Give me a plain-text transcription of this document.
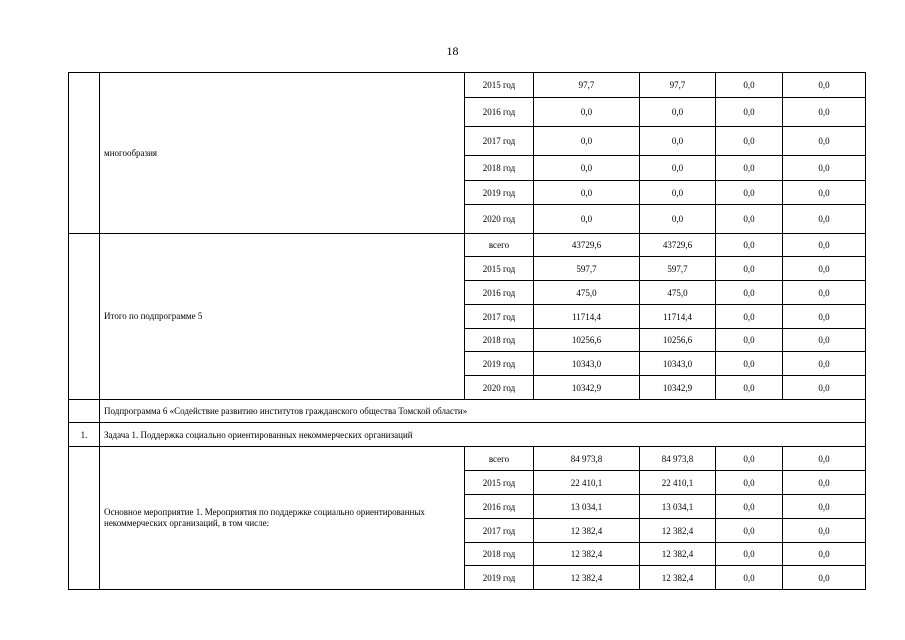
18
	многообразия	2015 год	97,7	97,7	0,0	0,0
		2016 год	0,0	0,0	0,0	0,0
		2017 год	0,0	0,0	0,0	0,0
		2018 год	0,0	0,0	0,0	0,0
		2019 год	0,0	0,0	0,0	0,0
		2020 год	0,0	0,0	0,0	0,0
	Итого по подпрограмме 5	всего	43729,6	43729,6	0,0	0,0
		2015 год	597,7	597,7	0,0	0,0
		2016 год	475,0	475,0	0,0	0,0
		2017 год	11714,4	11714,4	0,0	0,0
		2018 год	10256,6	10256,6	0,0	0,0
		2019 год	10343,0	10343,0	0,0	0,0
		2020 год	10342,9	10342,9	0,0	0,0
	Подпрограмма 6 «Содействие развитию институтов гражданского общества Томской области»					
1.	Задача 1. Поддержка социально ориентированных некоммерческих организаций					
	Основное мероприятие 1. Мероприятия по поддержке социально ориентированных некоммерческих организаций, в том числе:	всего	84 973,8	84 973,8	0,0	0,0
		2015 год	22 410,1	22 410,1	0,0	0,0
		2016 год	13 034,1	13 034,1	0,0	0,0
		2017 год	12 382,4	12 382,4	0,0	0,0
		2018 год	12 382,4	12 382,4	0,0	0,0
		2019 год	12 382,4	12 382,4	0,0	0,0
